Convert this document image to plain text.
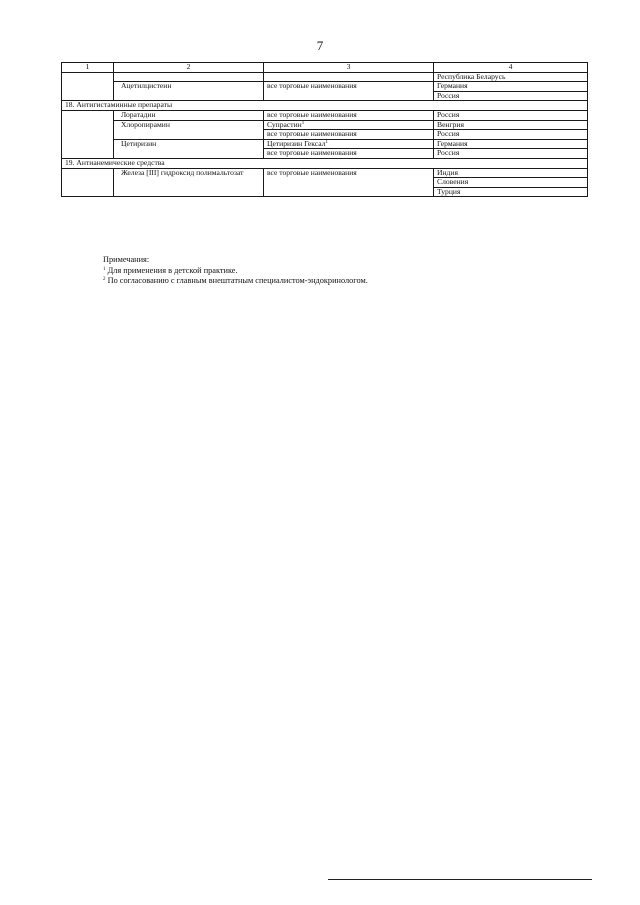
7
1	2	3	4
			Республика Беларусь
	Ацетилцистеин	все торговые наименования	Германия
			Россия
18. Антигистаминные препараты			
	Лоратадин	все торговые наименования	Россия
	Хлоропирамин	Супрастин$^1$	Венгрия
		все торговые наименования	Россия
	Цетиризин	Цетиризин Гексал$^1$	Германия
		все торговые наименования	Россия
19. Антианемические средства			
	Железа [III] гидроксид полимальтозат	все торговые наименования	Индия
			Словения
			Турция
Примечания:
$^1$ Для применения в детской практике.
$^2$ По согласованию с главным внештатным специалистом-эндокринологом.
